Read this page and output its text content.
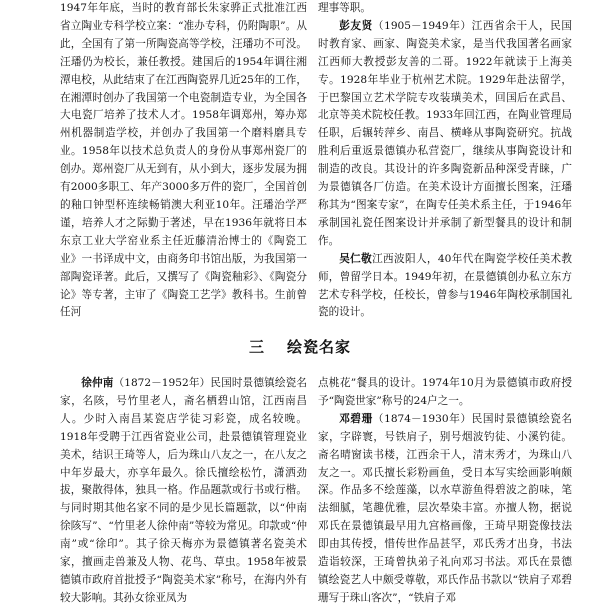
1947年年底，当时的教育部长朱家骅正式批准江西省立陶业专科学校立案：“准办专科，仍附陶职”。从此，全国有了第一所陶瓷高等学校，汪璠功不可没。汪璠仍为校长，兼任教授。建国后的1954年调往湘潭电校，从此结束了在江西陶瓷界几近25年的工作，在湘潭时创办了我国第一个电瓷制造专业，为全国各大电瓷厂培养了技术人才。1958年调郑州，筹办郑州机器制造学校，并创办了我国第一个磨料磨具专业。1958年以技术总负责人的身份从事郑州瓷厂的创办。郑州瓷厂从无到有，从小到大，逐步发展为拥有2000多职工、年产3000多万件的瓷厂，全国首创的釉口钟型杯连续畅销澳大利亚10年。汪璠治学严谨，培养人才之际勤于著述，早在1936年就将日本东京工业大学窑业系主任近藤清治博士的《陶瓷工业》一书译成中文，由商务印书馆出版，为我国第一部陶瓷译著。此后，又撰写了《陶瓷釉彩》、《陶瓷分论》等专著，主审了《陶瓷工艺学》教科书。生前曾任河

理事等职。

彭友贤（1905－1949年）江西省余干人，民国时教育家、画家、陶瓷美术家，是当代我国著名画家江西师大教授彭友善的二哥。1922年就读于上海美专。1928年毕业于杭州艺术院。1929年赴法留学，于巴黎国立艺术学院专攻装璜美术，回国后在武昌、北京等美术院校任教。1933年回江西，在陶业管理局任职，后辗转萍乡、南昌、横峰从事陶瓷研究。抗战胜利后重返景德镇办私营瓷厂，继续从事陶瓷设计和制造的改良。其设计的许多陶瓷新品种深受青睐，广为景德镇各厂仿造。在美术设计方面擅长图案，汪璠称其为“图案专家”，在陶专任美术系主任，于1946年承制国礼瓷任图案设计并承制了新型餐具的设计和制作。

吴仁敬江西波阳人，40年代在陶瓷学校任美术教师，曾留学日本。1949年初，在景德镇创办私立东方艺术专科学校，任校长，曾参与1946年陶校承制国礼瓷的设计。

三 绘瓷名家

徐仲南（1872－1952年）民国时景德镇绘瓷名家，名陔，号竹里老人，斋名栖碧山馆，江西南昌人。少时入南昌某瓷店学徒习彩瓷，成名较晚。1918年受聘于江西省瓷业公司，赴景德镇管理瓷业美术，结识王琦等人，后为珠山八友之一，在八友之中年岁最大，亦享年最久。徐氏擅绘松竹，潇洒劲拔，聚散得体，独具一格。作品题款或行书或行楷。与同时期其他名家不同的是少见长篇题款，以“仲南徐陔写”、“竹里老人徐仲南”等较为常见。印款或“仲南”或“徐印”。其子徐天梅亦为景德镇著名瓷美术家，擅画走兽兼及人物、花鸟、草虫。1958年被景德镇市政府首批授予“陶瓷美术家”称号，在海内外有较大影响。其孙女徐亚凤为

点桃花”餐具的设计。1974年10月为景德镇市政府授予“陶瓷世家”称号的24户之一。

邓碧珊（1874－1930年）民国时景德镇绘瓷名家，字辟寰，号铁肩子，别号烟波钓徒、小溪钓徒。斋名晴窗读书楼，江西余干人，清末秀才，为珠山八友之一。邓氏擅长彩粉画鱼，受日本写实绘画影响颇深。作品多不绘莲藻，以水草游鱼得碧波之韵味，笔法细腻，笔趣优雅，层次晕染丰富。亦擅人物，据说邓氏在景德镇最早用九宫格画像，王琦早期瓷像技法即由其传授，惜传世作品甚罕，邓氏秀才出身，书法造诣较深，王琦曾执弟子礼向邓习书法。邓氏在景德镇绘瓷艺人中颇受尊敬，邓氏作品书款以“铁肩子邓碧珊写于珠山客次”，“铁肩子邓
